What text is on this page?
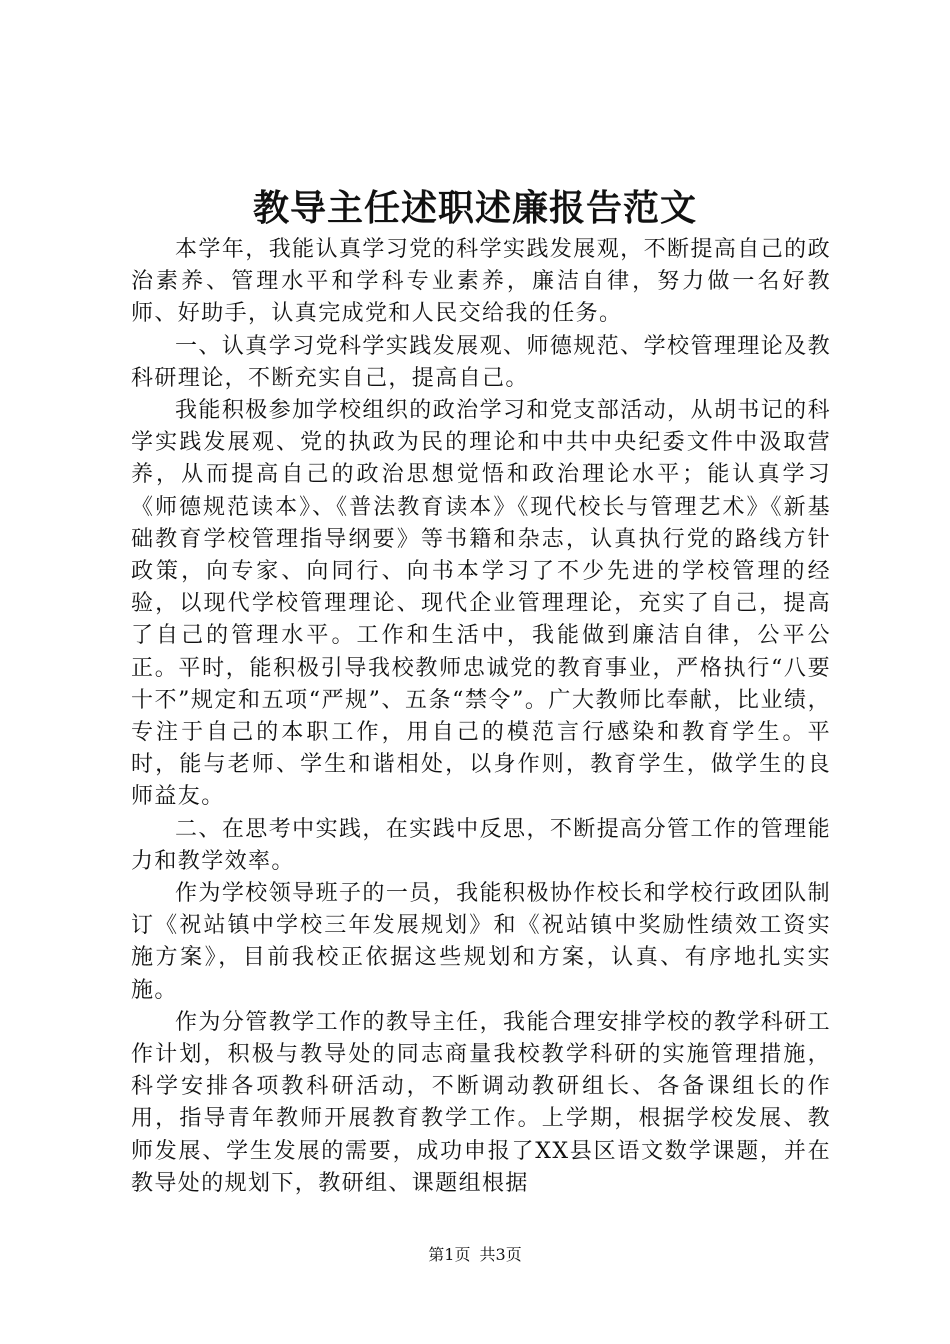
教导主任述职述廉报告范文

本学年，我能认真学习党的科学实践发展观，不断提高自己的政治素养、管理水平和学科专业素养，廉洁自律，努力做一名好教师、好助手，认真完成党和人民交给我的任务。

一、认真学习党科学实践发展观、师德规范、学校管理理论及教科研理论，不断充实自己，提高自己。

我能积极参加学校组织的政治学习和党支部活动，从胡书记的科学实践发展观、党的执政为民的理论和中共中央纪委文件中汲取营养，从而提高自己的政治思想觉悟和政治理论水平；能认真学习《师德规范读本》、《普法教育读本》《现代校长与管理艺术》《新基础教育学校管理指导纲要》等书籍和杂志，认真执行党的路线方针政策，向专家、向同行、向书本学习了不少先进的学校管理的经验，以现代学校管理理论、现代企业管理理论，充实了自己，提高了自己的管理水平。工作和生活中，我能做到廉洁自律，公平公正。平时，能积极引导我校教师忠诚党的教育事业，严格执行“八要十不”规定和五项“严规”、五条“禁令”。广大教师比奉献，比业绩，专注于自己的本职工作，用自己的模范言行感染和教育学生。平时，能与老师、学生和谐相处，以身作则，教育学生，做学生的良师益友。

二、在思考中实践，在实践中反思，不断提高分管工作的管理能力和教学效率。

作为学校领导班子的一员，我能积极协作校长和学校行政团队制订《祝站镇中学校三年发展规划》和《祝站镇中奖励性绩效工资实施方案》，目前我校正依据这些规划和方案，认真、有序地扎实实施。

作为分管教学工作的教导主任，我能合理安排学校的教学科研工作计划，积极与教导处的同志商量我校教学科研的实施管理措施，科学安排各项教科研活动，不断调动教研组长、各备课组长的作用，指导青年教师开展教育教学工作。上学期，根据学校发展、教师发展、学生发展的需要，成功申报了XX县区语文数学课题，并在教导处的规划下，教研组、课题组根据

第1页 共3页
